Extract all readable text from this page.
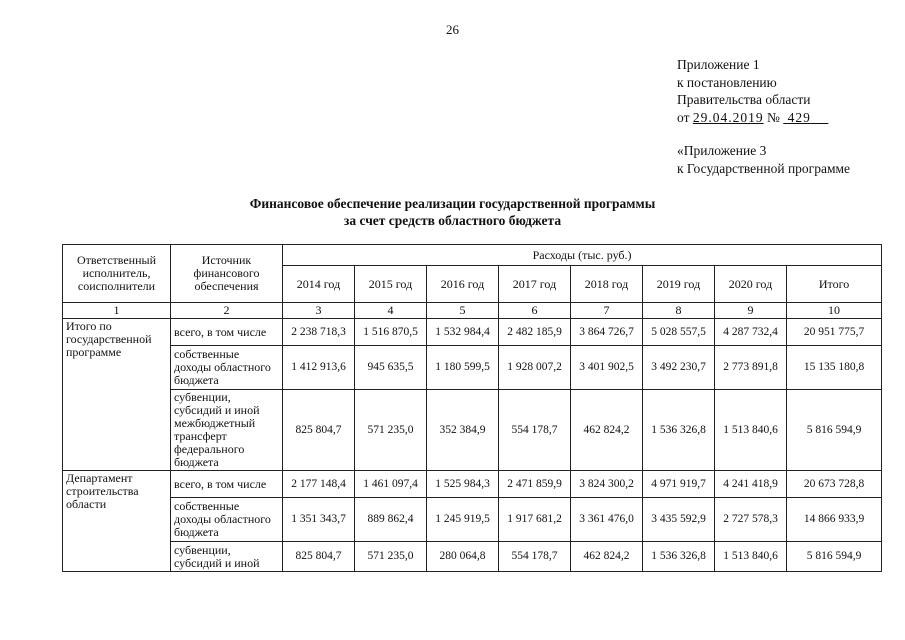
26
Приложение 1
к постановлению
Правительства области
от 29.04.2019 № 429
«Приложение 3
к Государственной программе
Финансовое обеспечение реализации государственной программы
за счет средств областного бюджета
Ответственный исполнитель, соисполнители	Источник финансового обеспечения	Расходы (тыс. руб.)							
		2014 год	2015 год	2016 год	2017 год	2018 год	2019 год	2020 год	Итого
1	2	3	4	5	6	7	8	9	10
Итого по государственной программе	всего, в том числе	2 238 718,3	1 516 870,5	1 532 984,4	2 482 185,9	3 864 726,7	5 028 557,5	4 287 732,4	20 951 775,7
	собственные доходы областного бюджета	1 412 913,6	945 635,5	1 180 599,5	1 928 007,2	3 401 902,5	3 492 230,7	2 773 891,8	15 135 180,8
	субвенции, субсидий и иной межбюджетный трансферт федерального бюджета	825 804,7	571 235,0	352 384,9	554 178,7	462 824,2	1 536 326,8	1 513 840,6	5 816 594,9
Департамент строительства области	всего, в том числе	2 177 148,4	1 461 097,4	1 525 984,3	2 471 859,9	3 824 300,2	4 971 919,7	4 241 418,9	20 673 728,8
	собственные доходы областного бюджета	1 351 343,7	889 862,4	1 245 919,5	1 917 681,2	3 361 476,0	3 435 592,9	2 727 578,3	14 866 933,9
	субвенции, субсидий и иной	825 804,7	571 235,0	280 064,8	554 178,7	462 824,2	1 536 326,8	1 513 840,6	5 816 594,9
